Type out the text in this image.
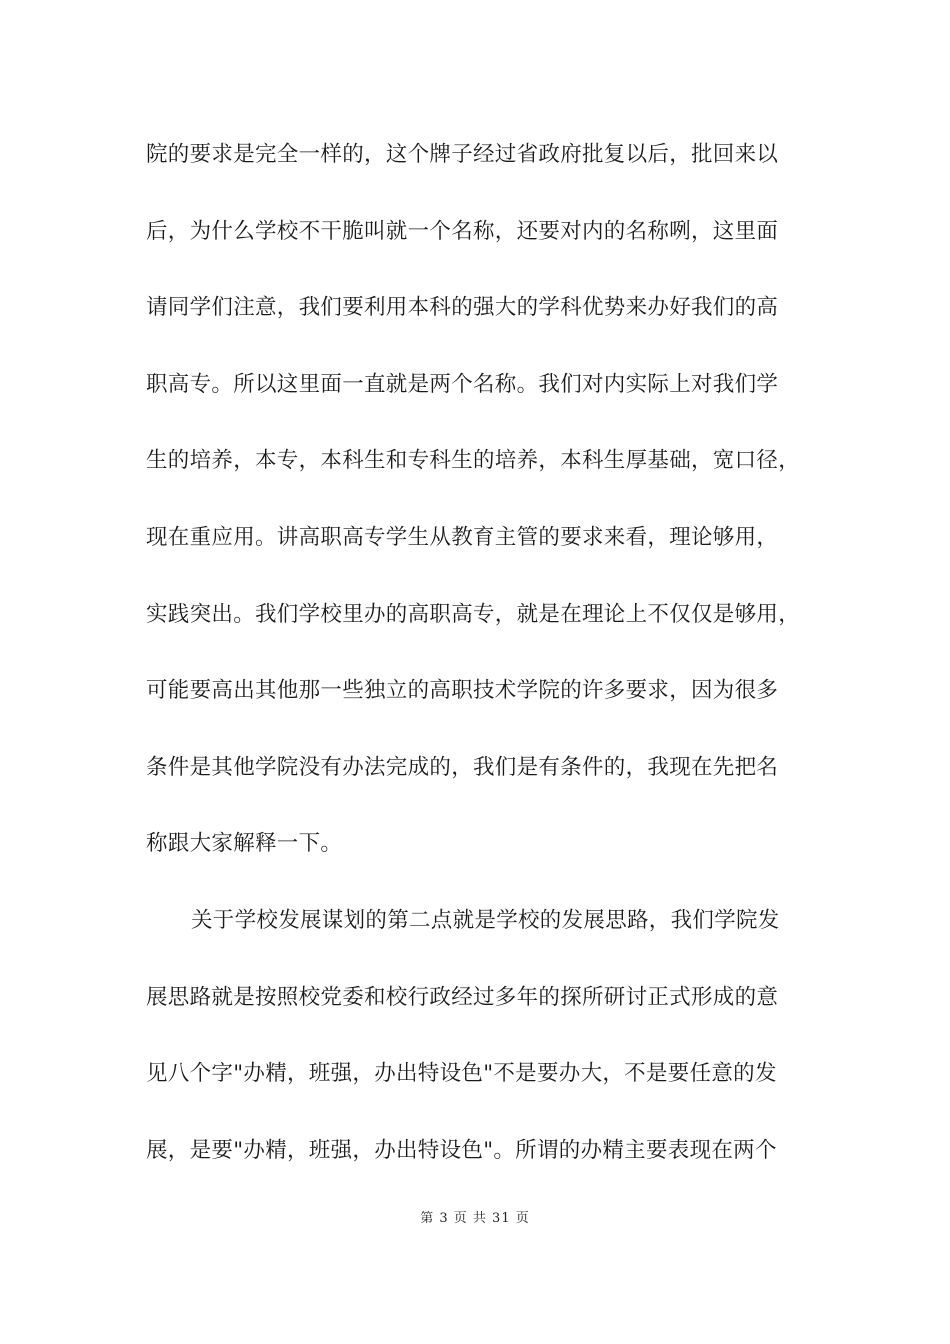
院的要求是完全一样的，这个牌子经过省政府批复以后，批回来以
后，为什么学校不干脆叫就一个名称，还要对内的名称咧，这里面
请同学们注意，我们要利用本科的强大的学科优势来办好我们的高
职高专。所以这里面一直就是两个名称。我们对内实际上对我们学
生的培养，本专，本科生和专科生的培养，本科生厚基础，宽口径，
现在重应用。讲高职高专学生从教育主管的要求来看，理论够用，
实践突出。我们学校里办的高职高专，就是在理论上不仅仅是够用，
可能要高出其他那一些独立的高职技术学院的许多要求，因为很多
条件是其他学院没有办法完成的，我们是有条件的，我现在先把名
称跟大家解释一下。
关于学校发展谋划的第二点就是学校的发展思路，我们学院发
展思路就是按照校党委和校行政经过多年的探所研讨正式形成的意
见八个字"办精，班强，办出特设色"不是要办大，不是要任意的发
展，是要"办精，班强，办出特设色"。所谓的办精主要表现在两个
第 3 页 共 31 页
